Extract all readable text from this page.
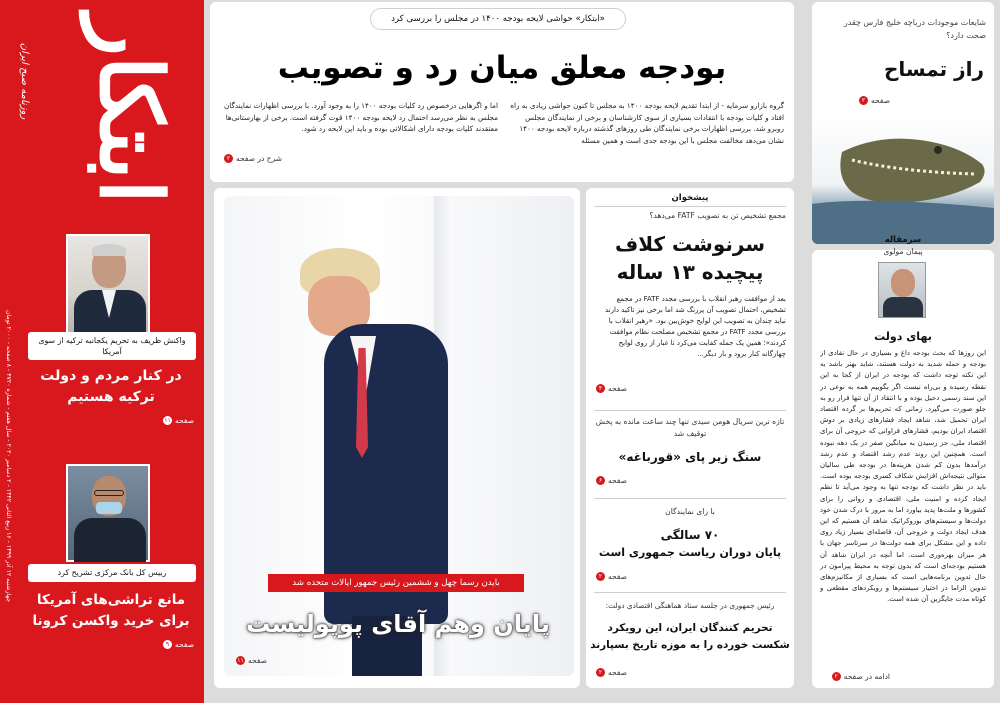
ابتکار
روزنامه صبح ایران
چهارشنبه ۱۲ آذر ۱۳۹۹ - ۱۶ ربیع الثانی ۱۴۴۲ - ۲ دسامبر ۲۰۲۰ - سال هفتم - شماره ۴۷۲۰ - ۸ صفحه - ۲۰۰۰ تومان
واکنش ظریف به تحریم یکجانبه ترکیه از سوی آمریکا
در کنار مردم و دولت ترکیه هستیم
صفحه
۱۱
رییس کل بانک مرکزی تشریح کرد
مانع تراشی‌های آمریکا برای خرید واکسن کرونا
صفحه
۹
«ابتکار» حواشی لایحه بودجه ۱۴۰۰ در مجلس را بررسی کرد
بودجه معلق میان رد و تصویب
گروه بازارو سرمایه - از ابتدا تقدیم لایحه بودجه ۱۴۰۰ به مجلس تا کنون حواشی زیادی به راه افتاد و کلیات بودجه با انتقادات بسیاری از سوی کارشناسان و برخی از نمایندگان مجلس روبرو شد. بررسی اظهارات برخی نمایندگان طی روزهای گذشته درباره لایحه بودجه ۱۴۰۰ نشان می‌دهد مخالفت مجلس با این بودجه جدی است و همین مسئله
اما و اگرهایی درخصوص رد کلیات بودجه ۱۴۰۰ را به وجود آورد. با بررسی اظهارات نمایندگان مجلس به نظر می‌رسد احتمال رد لایحه بودجه ۱۴۰۰ قوت گرفته است. برخی از بهارستانی‌ها معتقدند کلیات بودجه دارای اشکالاتی بوده و باید این لایحه رد شود.
شرح در صفحه
۲
بایدن رسما چهل و ششمین رئیس جمهور ایالات متحده شد
پایان وهم آقای پوپولیست
صفحه
۱۱
پیشخوان
مجمع تشخیص تن به تصویب FATF می‌دهد؟
سرنوشت کلاف
پیچیده ۱۳ ساله
بعد از موافقت رهبر انقلاب با بررسی مجدد FATF در مجمع تشخیص، احتمال تصویب آن پررنگ شد اما برخی نیز تاکید دارند نباید چندان به تصویب این لوایح خوش‌بین بود. «رهبر انقلاب با بررسی مجدد FATF در مجمع تشخیص مصلحت نظام موافقت کردند»؛ همین یک جمله کفایت می‌کرد تا غبار از روی لوایح چهارگانه کنار برود و بار دیگر...
صفحه
۴
تازه ترین سریال هومن سیدی تنها چند ساعت مانده به پخش توقیف شد
سنگ زیر پای «قورباغه»
صفحه
۶
با رای نمایندگان
۷۰ سالگی
پایان دوران ریاست جمهوری است
صفحه
۲
رئیس جمهوری در جلسه ستاد هماهنگی اقتصادی دولت:
تحریم کنندگان ایران، این رویکرد
شکست خورده را به موزه تاریخ بسپارند
صفحه
۲
شایعات موجودات دریاچه خلیج فارس چقدر صحت دارد؟
راز تمساح
صفحه
۲
سرمقاله
پیمان مولوی
بهای دولت
این روزها که بحث بودجه داغ و بسیاری در حال نقادی از بودجه و حمله شدید به دولت هستند، شاید بهتر باشد به این نکته توجه داشت که بودجه در ایران از کجا به این نقطه رسیده و بی‌راه نیست اگر بگوییم همه به نوعی در این سند رسمی دخیل بوده و با انتقاد از آن تنها فرار رو به جلو صورت می‌گیرد. زمانی که تحریم‌ها بر گرده اقتصاد ایران تحمیل شد، شاهد ایجاد فشارهای زیادی بر دوش اقتصاد ایران بودیم، فشارهای فراوانی که خروجی آن برای اقتصاد ملی، جز رسیدن به میانگین صفر در یک دهه نبوده است. همچنین این روند عدم رشد اقتصاد و عدم رشد درآمدها بدون کم شدن هزینه‌ها در بودجه طی سالیان متوالی نتیجه‌اش افزایش شکاف کسری بودجه بوده است. باید در نظر داشت که بودجه تنها به وجود می‌آید تا نظم ایجاد کرده و امنیت ملی، اقتصادی و روانی را برای کشورها و ملت‌ها پدید بیاورد اما به مرور با درک شدن خود دولت‌ها و سیستم‌های بوروکراتیک شاهد آن هستیم که این هدف ایجاد دولت و خروجی آن، فاصله‌ای بسیار زیاد روی داده و این مشکل برای همه دولت‌ها در سرتاسر جهان با هر میزان بهره‌وری است. اما آنچه در ایران شاهد آن هستیم بودجه‌ای است که بدون توجه به محیط پیرامون در حال تدوین برنامه‌هایی است که بسیاری از مکانیزم‌های تدوین الزاما در اختیار سیستم‌ها و رویکردهای مقطعی و کوتاه مدت جایگزین آن شده است.
ادامه در صفحه
۲
